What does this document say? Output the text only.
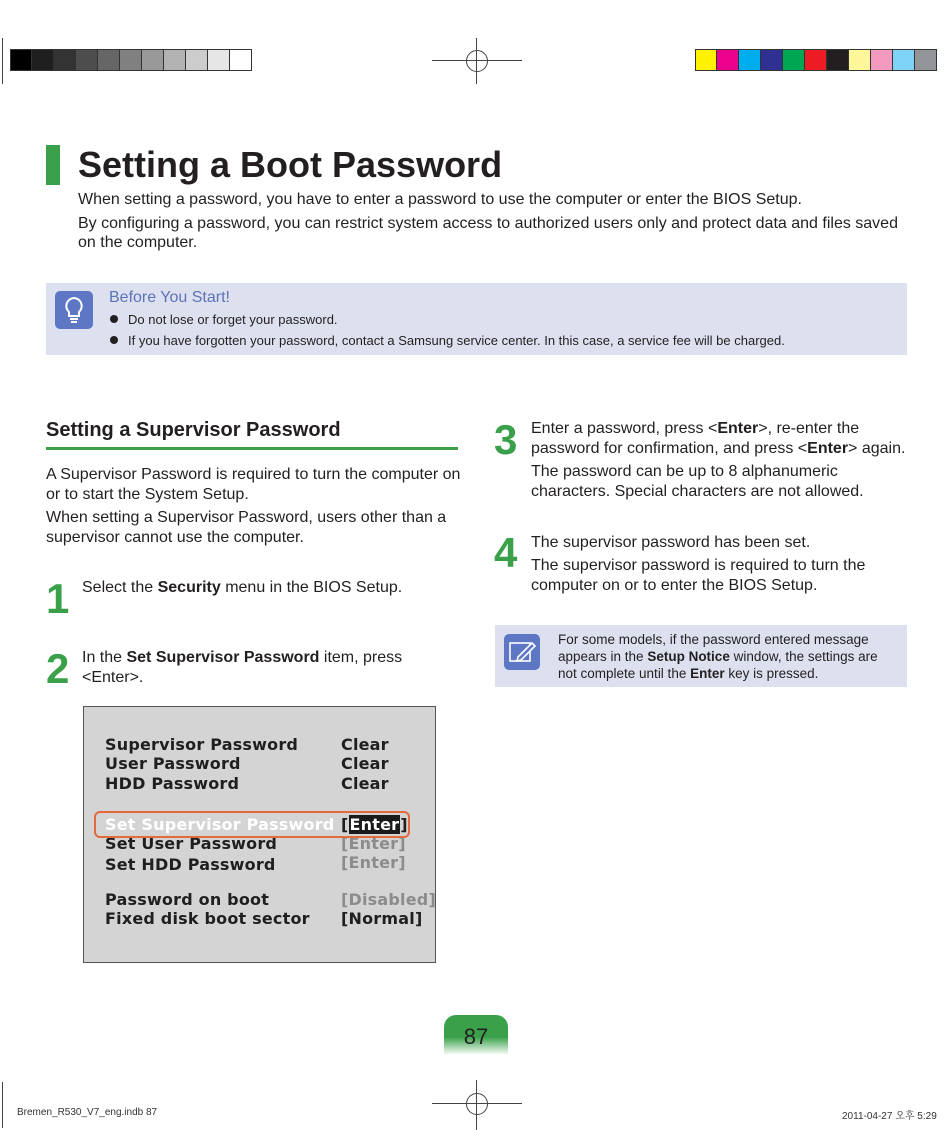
Setting a Boot Password

When setting a password, you have to enter a password to use the computer or enter the BIOS Setup.

By configuring a password, you can restrict system access to authorized users only and protect data and files saved on the computer.

Before You Start!
Do not lose or forget your password.
If you have forgotten your password, contact a Samsung service center. In this case, a service fee will be charged.
Setting a Supervisor Password
A Supervisor Password is required to turn the computer on or to start the System Setup.
When setting a Supervisor Password, users other than a supervisor cannot use the computer.
1 Select the Security menu in the BIOS Setup.
2 In the Set Supervisor Password item, press <Enter>.
Supervisor Password	Clear
User Password	Clear
HDD Password	Clear
Set Supervisor Password [Enter]
Set User Password	[Enter]
Set HDD Password	[Enter]
Password on boot	[Disabled]
Fixed disk boot sector [Normal]
3 Enter a password, press <Enter>, re-enter the password for confirmation, and press <Enter> again.
The password can be up to 8 alphanumeric characters. Special characters are not allowed.
4 The supervisor password has been set.
The supervisor password is required to turn the computer on or to enter the BIOS Setup.
For some models, if the password entered message appears in the Setup Notice window, the settings are not complete until the Enter key is pressed.
87
Bremen_R530_V7_eng.indb 87	2011-04-27 오후 5:29
